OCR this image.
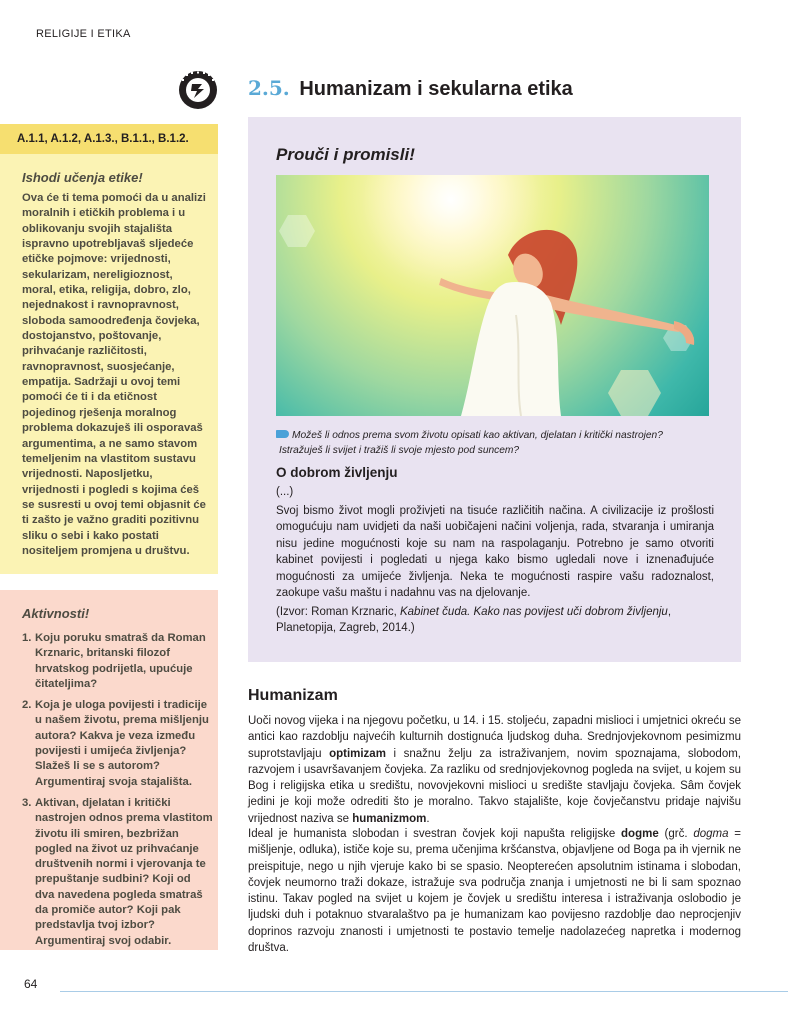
RELIGIJE I ETIKA
2.5. Humanizam i sekularna etika
A.1.1, A.1.2, A.1.3., B.1.1., B.1.2.
Ishodi učenja etike!

Ova će ti tema pomoći da u analizi moralnih i etičkih problema i u oblikovanju svojih stajališta ispravno upotrebljavaš sljedeće etičke pojmove: vrijednosti, sekularizam, nereligioznost, moral, etika, religija, dobro, zlo, nejednakost i ravnopravnost, sloboda samoodređenja čovjeka, dostojanstvo, poštovanje, prihvaćanje različitosti, ravnopravnost, suosjećanje, empatija. Sadržaji u ovoj temi pomoći će ti i da etičnost pojedinog rješenja moralnog problema dokazuješ ili osporavaš argumentima, a ne samo stavom temeljenim na vlastitom sustavu vrijednosti. Naposljetku, vrijednosti i pogledi s kojima ćeš se susresti u ovoj temi objasnit će ti zašto je važno graditi pozitivnu sliku o sebi i kako postati nositeljem promjena u društvu.

Aktivnosti!
1. Koju poruku smatraš da Roman Krznaric, britanski filozof hrvatskog podrijetla, upućuje čitateljima?
2. Koja je uloga povijesti i tradicije u našem životu, prema mišljenju autora? Kakva je veza između povijesti i umijeća življenja? Slažeš li se s autorom? Argumentiraj svoja stajališta.
3. Aktivan, djelatan i kritički nastrojen odnos prema vlastitom životu ili smiren, bezbrižan pogled na život uz prihvaćanje društvenih normi i vjerovanja te prepuštanje sudbini? Koji od dva navedena pogleda smatraš da promiče autor? Koji pak predstavlja tvoj izbor? Argumentiraj svoj odabir.
Prouči i promisli!
Možeš li odnos prema svom životu opisati kao aktivan, djelatan i kritički nastrojen?
Istražuješ li svijet i tražiš li svoje mjesto pod suncem?
O dobrom življenju
(...)

Svoj bismo život mogli proživjeti na tisuće različitih načina. A civilizacije iz prošlosti omogućuju nam uvidjeti da naši uobičajeni načini voljenja, rada, stvaranja i umiranja nisu jedine mogućnosti koje su nam na raspolaganju. Potrebno je samo otvoriti kabinet povijesti i pogledati u njega kako bismo ugledali nove i iznenađujuće mogućnosti za umijeće življenja. Neka te mogućnosti raspire vašu radoznalost, zaokupe vašu maštu i nadahnu vas na djelovanje.

(Izvor: Roman Krznaric, Kabinet čuda. Kako nas povijest uči dobrom življenju, Planetopija, Zagreb, 2014.)

Humanizam

Uoči novog vijeka i na njegovu početku, u 14. i 15. stoljeću, zapadni mislioci i umjetnici okreću se antici kao razdoblju najvećih kulturnih dostignuća ljudskog duha. Srednjovjekovnom pesimizmu suprotstavljaju optimizam i snažnu želju za istraživanjem, novim spoznajama, slobodom, razvojem i usavršavanjem čovjeka. Za razliku od srednjovjekovnog pogleda na svijet, u kojem su Bog i religijska etika u središtu, novovjekovni mislioci u središte stavljaju čovjeka. Sâm čovjek jedini je koji može odrediti što je moralno. Takvo stajalište, koje čovječanstvu pridaje najvišu vrijednost naziva se humanizmom.

Ideal je humanista slobodan i svestran čovjek koji napušta religijske dogme (grč. dogma = mišljenje, odluka), ističe koje su, prema učenjima kršćanstva, objavljene od Boga pa ih vjernik ne preispituje, nego u njih vjeruje kako bi se spasio. Neopterećen apsolutnim istinama i slobodan, čovjek neumorno traži dokaze, istražuje sva područja znanja i umjetnosti ne bi li sam spoznao istinu. Takav pogled na svijet u kojem je čovjek u središtu interesa i istraživanja oslobodio je ljudski duh i potaknuo stvaralaštvo pa je humanizam kao povijesno razdoblje dao neprocjenjiv doprinos razvoju znanosti i umjetnosti te postavio temelje nadolazećeg napretka i modernog društva.

64
